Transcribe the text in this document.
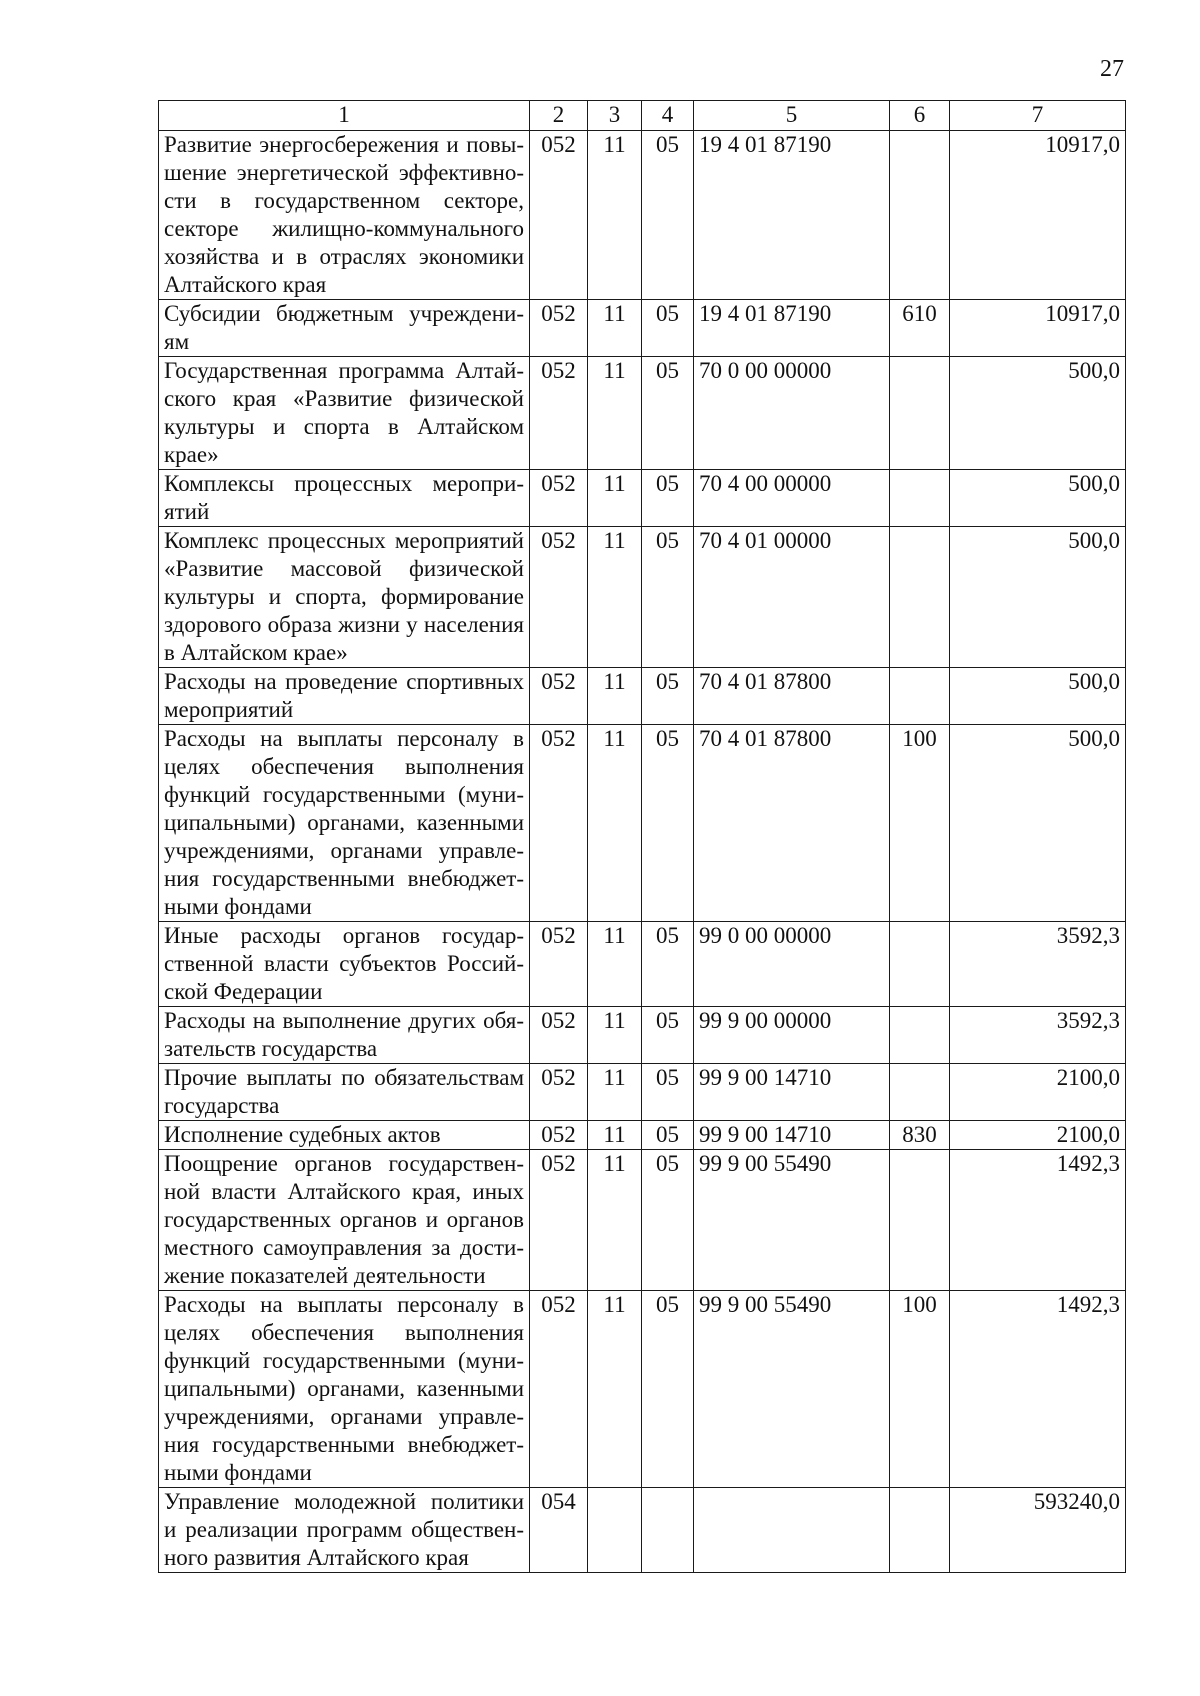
27
1	2	3	4	5	6	7
Развитие энергосбережения и повы-шение энергетической эффективно-сти в государственном секторе, секторе жилищно-коммунального хозяйства и в отраслях экономики Алтайского края	052	11	05	19 4 01 87190		10917,0
Субсидии бюджетным учреждени-ям	052	11	05	19 4 01 87190	610	10917,0
Государственная программа Алтай-ского края «Развитие физической культуры и спорта в Алтайском крае»	052	11	05	70 0 00 00000		500,0
Комплексы процессных меропри-ятий	052	11	05	70 4 00 00000		500,0
Комплекс процессных мероприятий «Развитие массовой физической культуры и спорта, формирование здорового образа жизни у населения в Алтайском крае»	052	11	05	70 4 01 00000		500,0
Расходы на проведение спортивных мероприятий	052	11	05	70 4 01 87800		500,0
Расходы на выплаты персоналу в целях обеспечения выполнения функций государственными (муни-ципальными) органами, казенными учреждениями, органами управле-ния государственными внебюджет-ными фондами	052	11	05	70 4 01 87800	100	500,0
Иные расходы органов государ-ственной власти субъектов Россий-ской Федерации	052	11	05	99 0 00 00000		3592,3
Расходы на выполнение других обя-зательств государства	052	11	05	99 9 00 00000		3592,3
Прочие выплаты по обязательствам государства	052	11	05	99 9 00 14710		2100,0
Исполнение судебных актов	052	11	05	99 9 00 14710	830	2100,0
Поощрение органов государствен-ной власти Алтайского края, иных государственных органов и органов местного самоуправления за дости-жение показателей деятельности	052	11	05	99 9 00 55490		1492,3
Расходы на выплаты персоналу в целях обеспечения выполнения функций государственными (муни-ципальными) органами, казенными учреждениями, органами управле-ния государственными внебюджет-ными фондами	052	11	05	99 9 00 55490	100	1492,3
Управление молодежной политики и реализации программ обществен-ного развития Алтайского края	054					593240,0
